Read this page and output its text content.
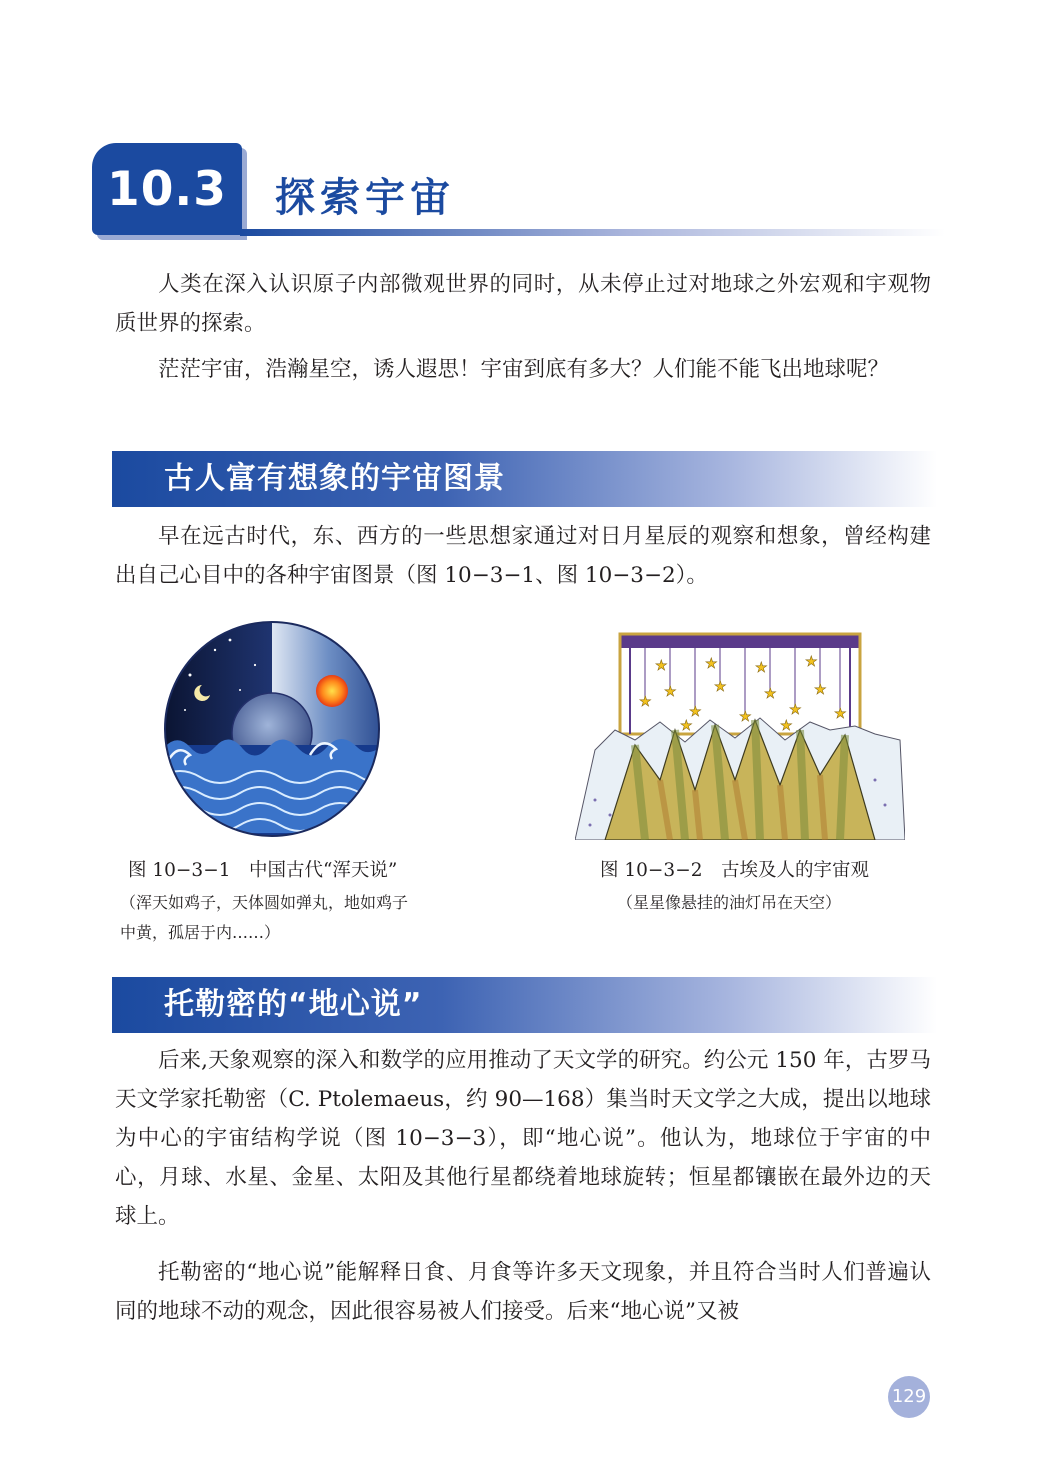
10.3	探索宇宙

人类在深入认识原子内部微观世界的同时，从未停止过对地球之外宏观和宇观物质世界的探索。

茫茫宇宙，浩瀚星空，诱人遐思！宇宙到底有多大？人们能不能飞出地球呢？

古人富有想象的宇宙图景

早在远古时代，东、西方的一些思想家通过对日月星辰的观察和想象，曾经构建出自己心目中的各种宇宙图景（图 10−3−1、图 10−3−2）。

★
★
★
★
★
★
★
★
★
★	★	★	★
★	★
图 10−3−1　中国古代“浑天说”
（浑天如鸡子，天体圆如弹丸，地如鸡子中黄，孤居于内……）
图 10−3−2　古埃及人的宇宙观
（星星像悬挂的油灯吊在天空）
托勒密的“地心说”

后来,天象观察的深入和数学的应用推动了天文学的研究。约公元 150 年，古罗马天文学家托勒密（C. Ptolemaeus，约 90—168）集当时天文学之大成，提出以地球为中心的宇宙结构学说（图 10−3−3），即“地心说”。他认为，地球位于宇宙的中心，月球、水星、金星、太阳及其他行星都绕着地球旋转；恒星都镶嵌在最外边的天球上。

托勒密的“地心说”能解释日食、月食等许多天文现象，并且符合当时人们普遍认同的地球不动的观念，因此很容易被人们接受。后来“地心说”又被

129
